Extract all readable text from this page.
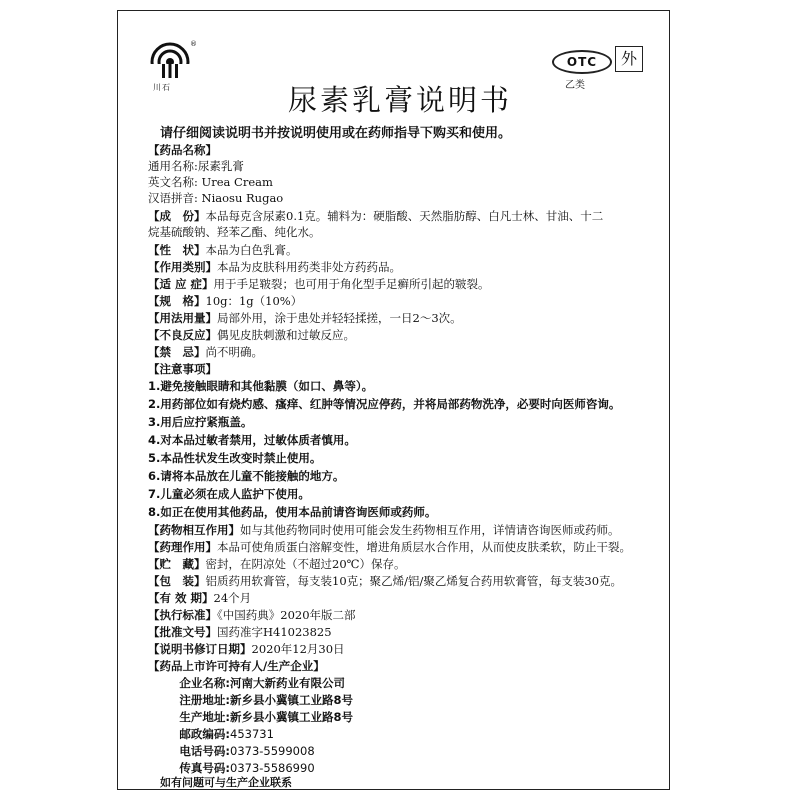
®
川石
OTC
乙类
外
尿素乳膏说明书
请仔细阅读说明书并按说明使用或在药师指导下购买和使用。
【药品名称】
通用名称:尿素乳膏
英文名称: Urea Cream
汉语拼音: Niaosu Rugao
【成　份】本品每克含尿素0.1克。辅料为：硬脂酸、天然脂肪醇、白凡士林、甘油、十二
烷基硫酸钠、羟苯乙酯、纯化水。
【性　状】本品为白色乳膏。
【作用类别】本品为皮肤科用药类非处方药药品。
【适 应 症】用于手足皲裂；也可用于角化型手足癣所引起的皲裂。
【规　格】10g：1g（10%）
【用法用量】局部外用，涂于患处并轻轻揉搓，一日2～3次。
【不良反应】偶见皮肤刺激和过敏反应。
【禁　忌】尚不明确。
【注意事项】
1.避免接触眼睛和其他黏膜（如口、鼻等）。
2.用药部位如有烧灼感、瘙痒、红肿等情况应停药，并将局部药物洗净，必要时向医师咨询。
3.用后应拧紧瓶盖。
4.对本品过敏者禁用，过敏体质者慎用。
5.本品性状发生改变时禁止使用。
6.请将本品放在儿童不能接触的地方。
7.儿童必须在成人监护下使用。
8.如正在使用其他药品，使用本品前请咨询医师或药师。
【药物相互作用】如与其他药物同时使用可能会发生药物相互作用，详情请咨询医师或药师。
【药理作用】本品可使角质蛋白溶解变性，增进角质层水合作用，从而使皮肤柔软，防止干裂。
【贮　藏】密封，在阴凉处（不超过20℃）保存。
【包　装】铝质药用软膏管，每支装10克；聚乙烯/铝/聚乙烯复合药用软膏管，每支装30克。
【有 效 期】24个月
【执行标准】《中国药典》2020年版二部
【批准文号】国药准字H41023825
【说明书修订日期】2020年12月30日
【药品上市许可持有人/生产企业】
企业名称:河南大新药业有限公司
注册地址:新乡县小冀镇工业路8号
生产地址:新乡县小冀镇工业路8号
邮政编码:453731
电话号码:0373-5599008
传真号码:0373-5586990
如有问题可与生产企业联系
